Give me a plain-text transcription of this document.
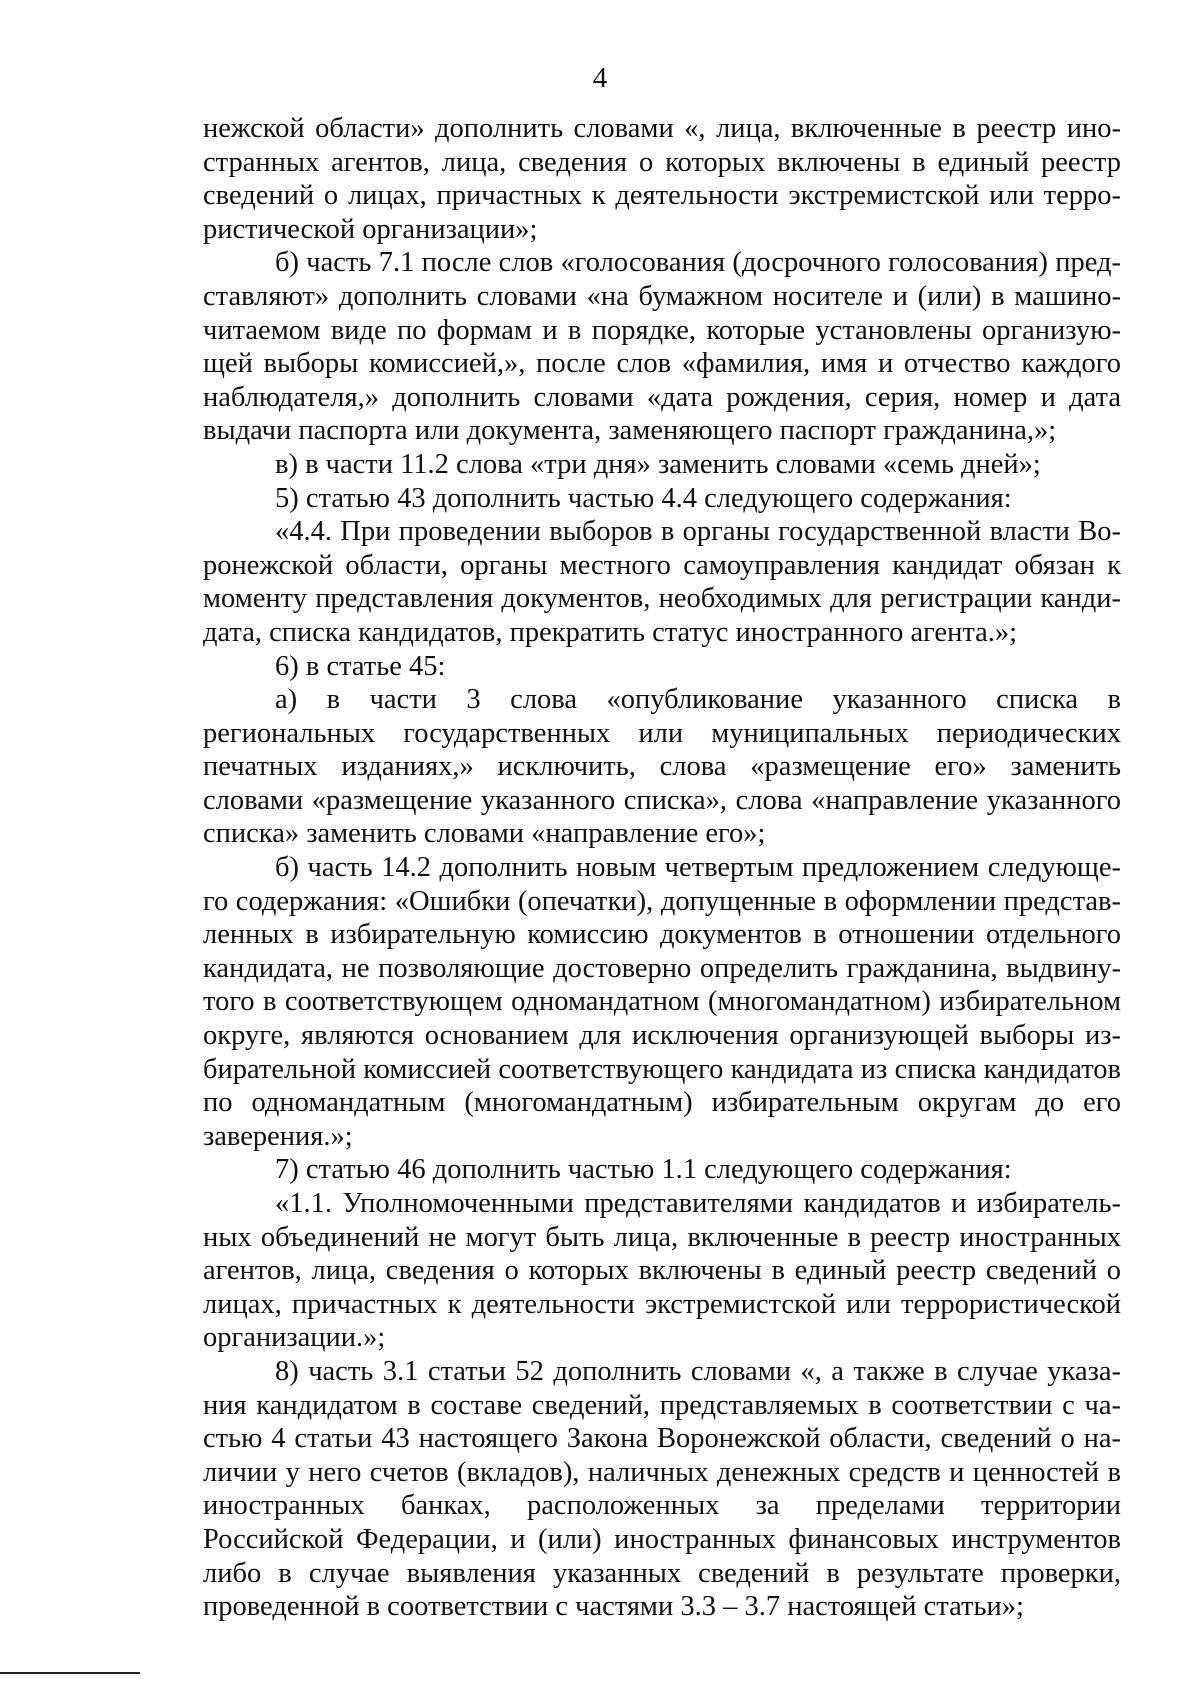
4

нежской области» дополнить словами «, лица, включенные в реестр иностранных агентов, лица, сведения о которых включены в единый реестр сведений о лицах, причастных к деятельности экстремистской или террористической организации»;

б) часть 7.1 после слов «голосования (досрочного голосования) представляют» дополнить словами «на бумажном носителе и (или) в машиночитаемом виде по формам и в порядке, которые установлены организующей выборы комиссией,», после слов «фамилия, имя и отчество каждого наблюдателя,» дополнить словами «дата рождения, серия, номер и дата выдачи паспорта или документа, заменяющего паспорт гражданина,»;

в) в части 11.2 слова «три дня» заменить словами «семь дней»;

5) статью 43 дополнить частью 4.4 следующего содержания:

«4.4. При проведении выборов в органы государственной власти Воронежской области, органы местного самоуправления кандидат обязан к моменту представления документов, необходимых для регистрации кандидата, списка кандидатов, прекратить статус иностранного агента.»;

6) в статье 45:

а) в части 3 слова «опубликование указанного списка в региональных государственных или муниципальных периодических печатных изданиях,» исключить, слова «размещение его» заменить словами «размещение указанного списка», слова «направление указанного списка» заменить словами «направление его»;

б) часть 14.2 дополнить новым четвертым предложением следующего содержания: «Ошибки (опечатки), допущенные в оформлении представленных в избирательную комиссию документов в отношении отдельного кандидата, не позволяющие достоверно определить гражданина, выдвинутого в соответствующем одномандатном (многомандатном) избирательном округе, являются основанием для исключения организующей выборы избирательной комиссией соответствующего кандидата из списка кандидатов по одномандатным (многомандатным) избирательным округам до его заверения.»;

7) статью 46 дополнить частью 1.1 следующего содержания:

«1.1. Уполномоченными представителями кандидатов и избирательных объединений не могут быть лица, включенные в реестр иностранных агентов, лица, сведения о которых включены в единый реестр сведений о лицах, причастных к деятельности экстремистской или террористической организации.»;

8) часть 3.1 статьи 52 дополнить словами «, а также в случае указания кандидатом в составе сведений, представляемых в соответствии с частью 4 статьи 43 настоящего Закона Воронежской области, сведений о наличии у него счетов (вкладов), наличных денежных средств и ценностей в иностранных банках, расположенных за пределами территории Российской Федерации, и (или) иностранных финансовых инструментов либо в случае выявления указанных сведений в результате проверки, проведенной в соответствии с частями 3.3 – 3.7 настоящей статьи»;
